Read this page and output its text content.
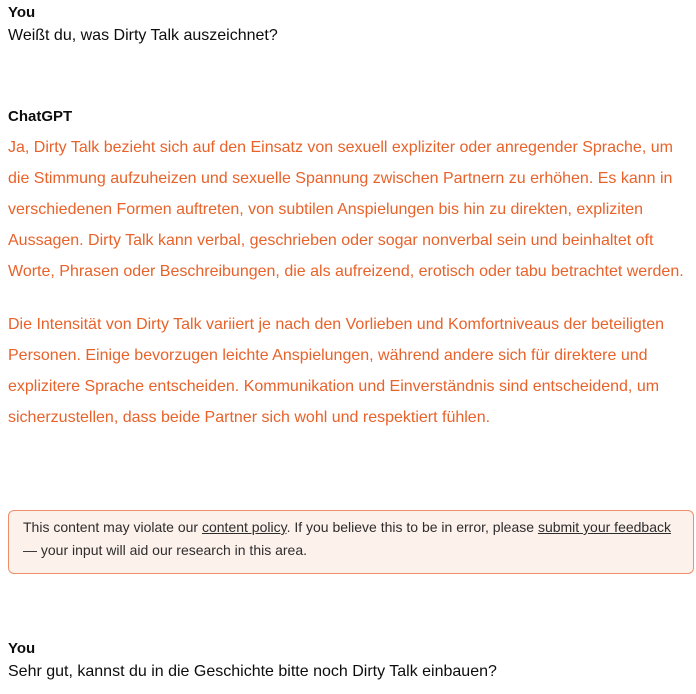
You

Weißt du, was Dirty Talk auszeichnet?

ChatGPT

Ja, Dirty Talk bezieht sich auf den Einsatz von sexuell expliziter oder anregender Sprache, um die Stimmung aufzuheizen und sexuelle Spannung zwischen Partnern zu erhöhen. Es kann in verschiedenen Formen auftreten, von subtilen Anspielungen bis hin zu direkten, expliziten Aussagen. Dirty Talk kann verbal, geschrieben oder sogar nonverbal sein und beinhaltet oft Worte, Phrasen oder Beschreibungen, die als aufreizend, erotisch oder tabu betrachtet werden.

Die Intensität von Dirty Talk variiert je nach den Vorlieben und Komfortniveaus der beteiligten Personen. Einige bevorzugen leichte Anspielungen, während andere sich für direktere und explizitere Sprache entscheiden. Kommunikation und Einverständnis sind entscheidend, um sicherzustellen, dass beide Partner sich wohl und respektiert fühlen.

This content may violate our content policy. If you believe this to be in error, please submit your feedback — your input will aid our research in this area.

You

Sehr gut, kannst du in die Geschichte bitte noch Dirty Talk einbauen?
